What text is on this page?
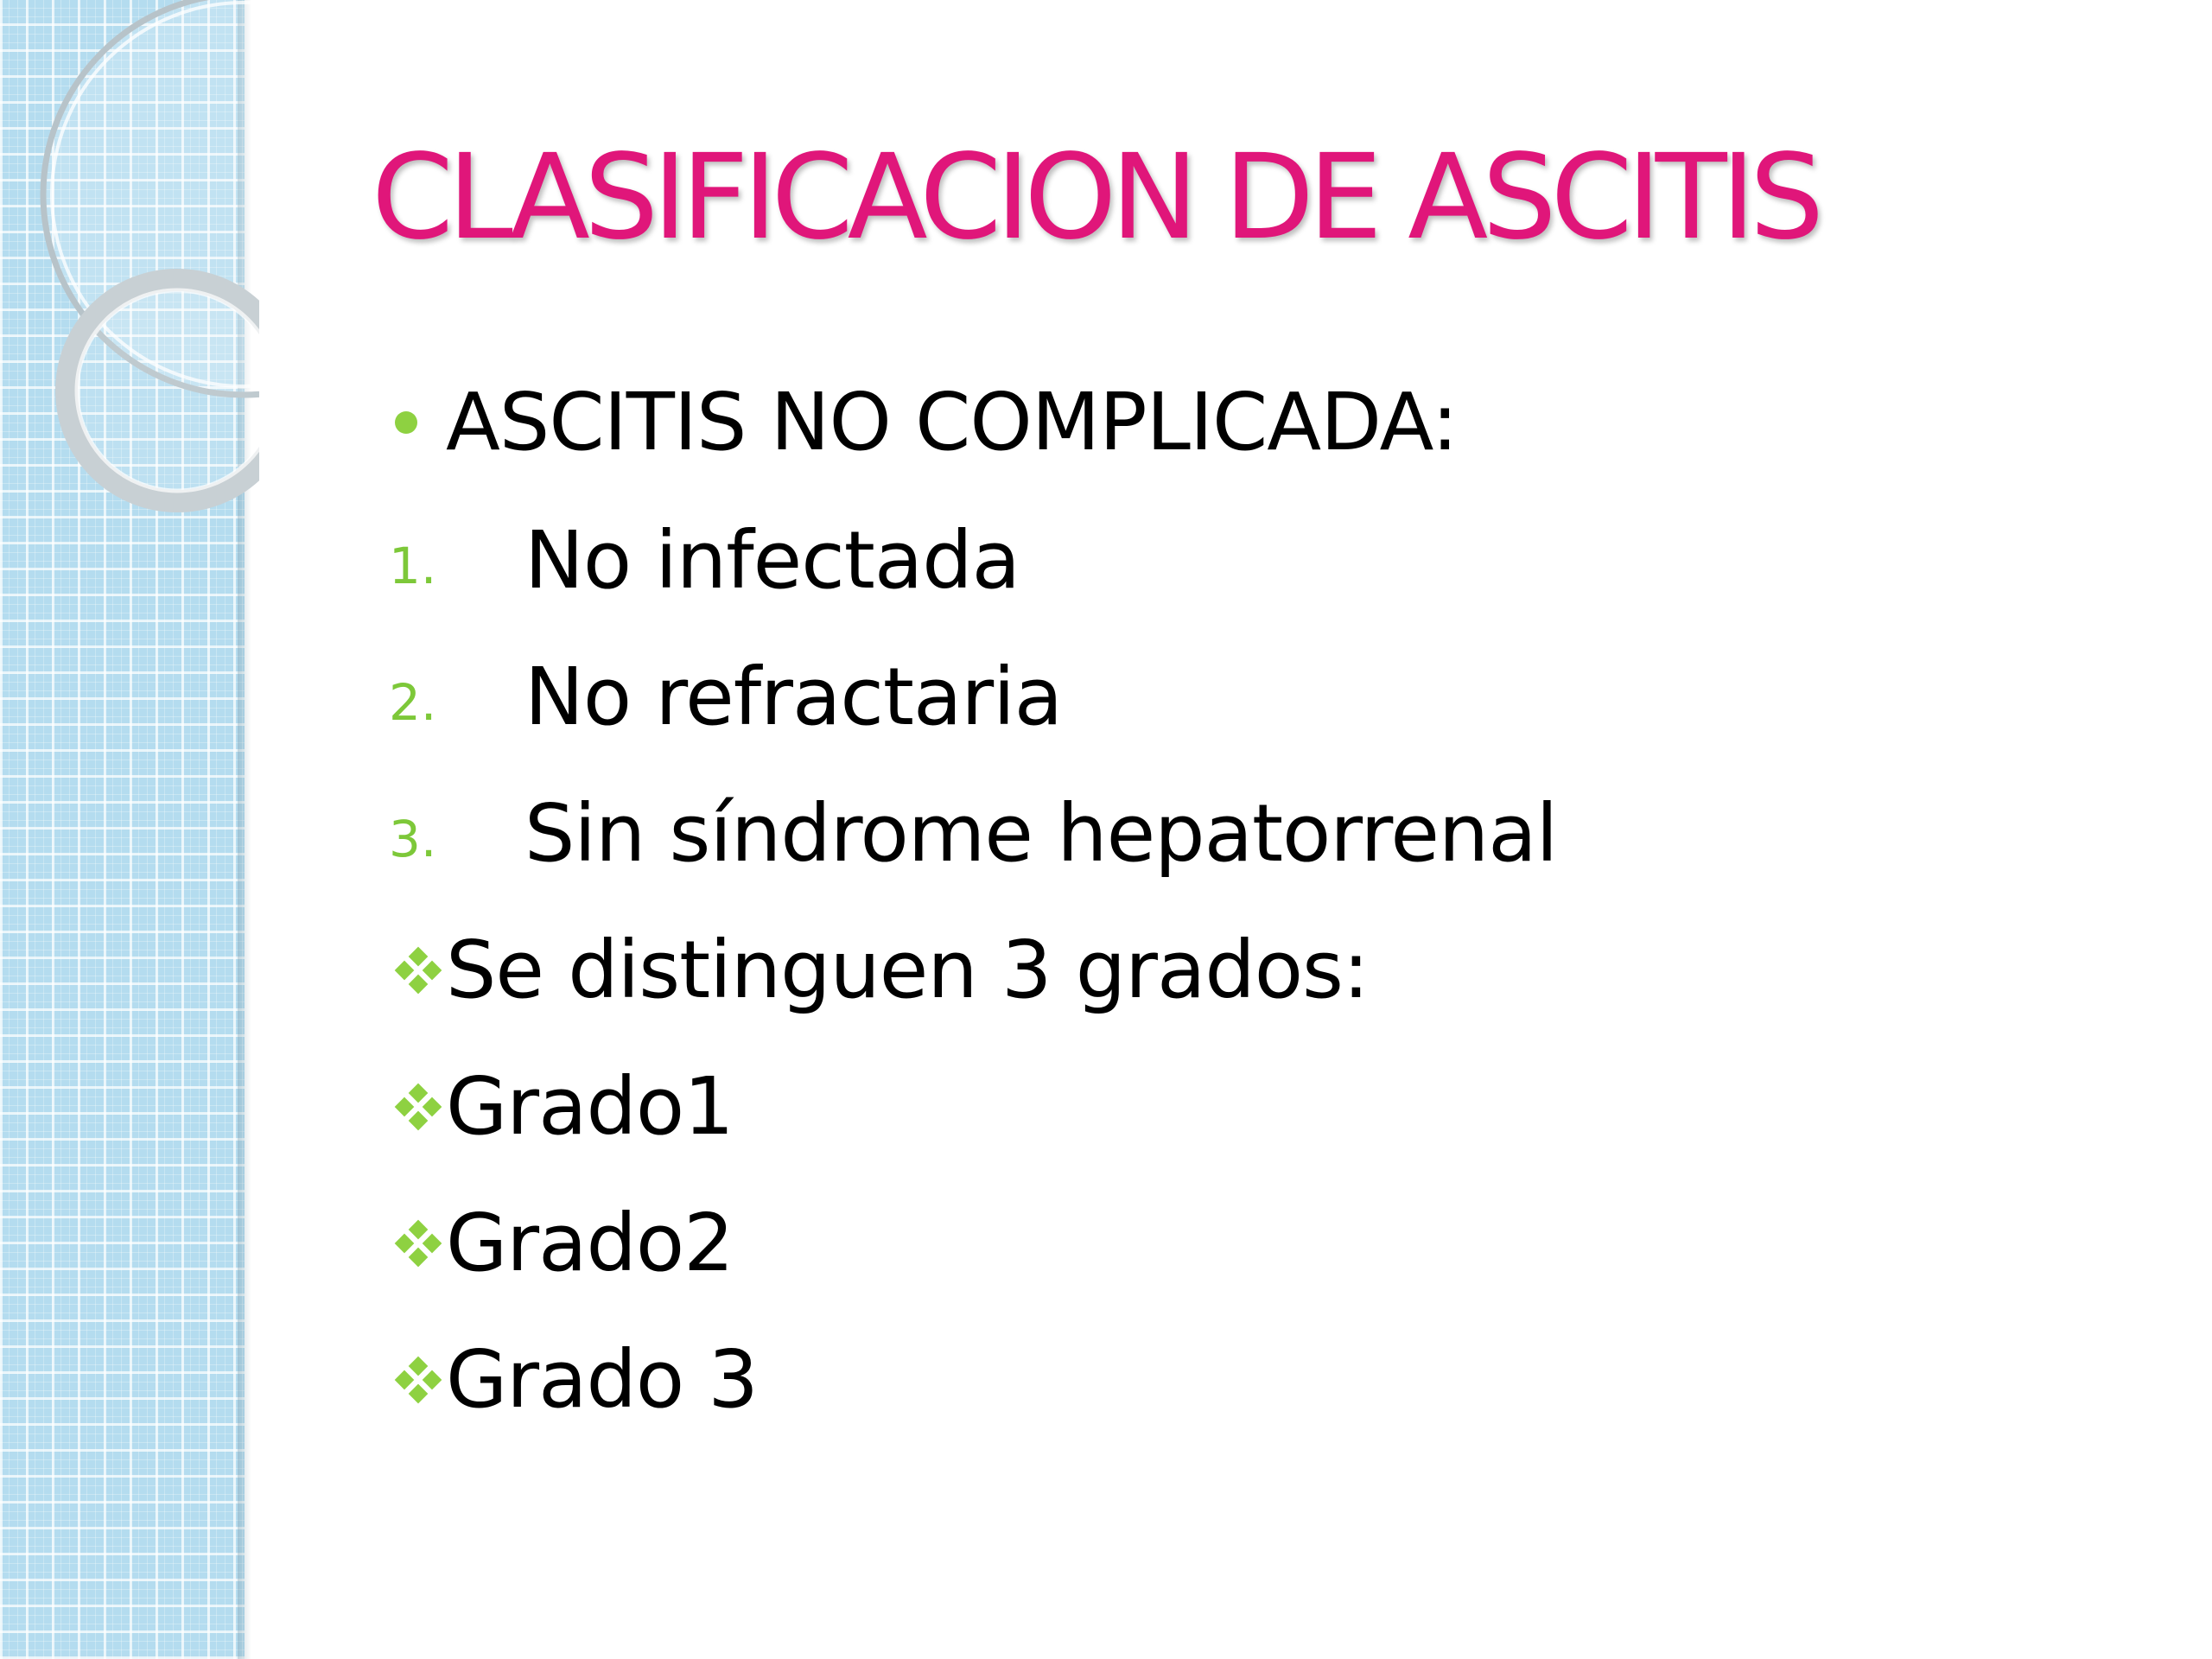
CLASIFICACION DE ASCITIS
ASCITIS NO COMPLICADA:
1.	No infectada
2.	No refractaria
3.	Sin síndrome hepatorrenal
Se distinguen 3 grados:
Grado1
Grado2
Grado 3
